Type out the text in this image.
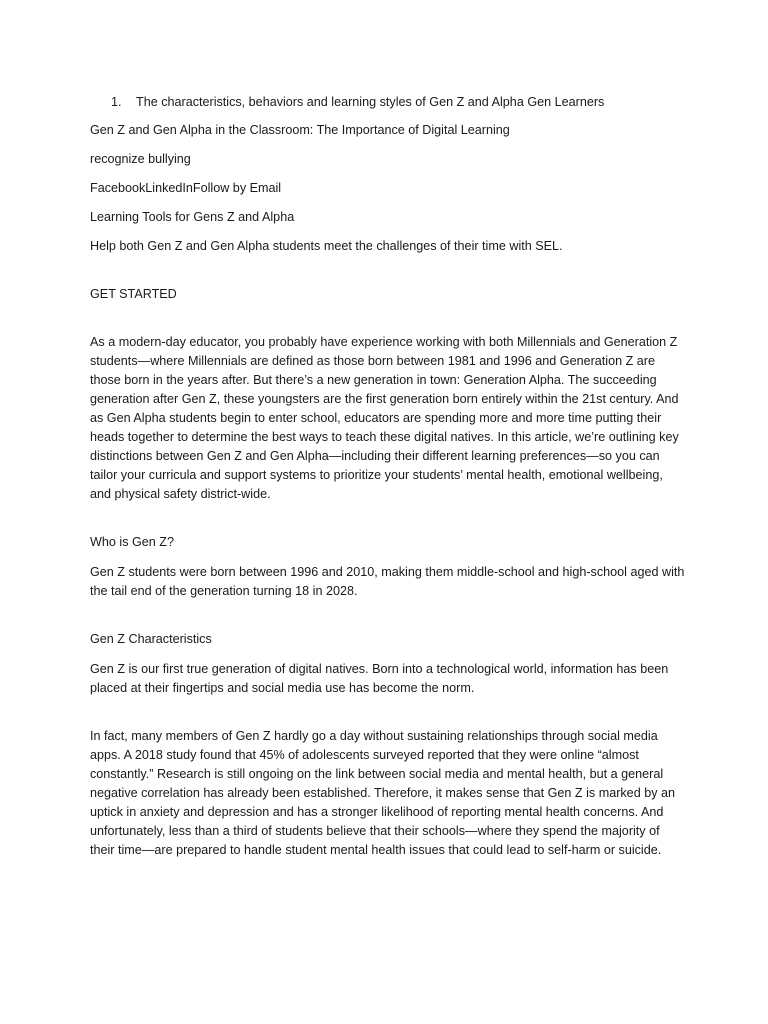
1. The characteristics, behaviors and learning styles of Gen Z and Alpha Gen Learners

Gen Z and Gen Alpha in the Classroom: The Importance of Digital Learning

recognize bullying

FacebookLinkedInFollow by Email

Learning Tools for Gens Z and Alpha

Help both Gen Z and Gen Alpha students meet the challenges of their time with SEL.

GET STARTED

As a modern-day educator, you probably have experience working with both Millennials and Generation Z students—where Millennials are defined as those born between 1981 and 1996 and Generation Z are those born in the years after. But there’s a new generation in town: Generation Alpha. The succeeding generation after Gen Z, these youngsters are the first generation born entirely within the 21st century. And as Gen Alpha students begin to enter school, educators are spending more and more time putting their heads together to determine the best ways to teach these digital natives. In this article, we’re outlining key distinctions between Gen Z and Gen Alpha—including their different learning preferences—so you can tailor your curricula and support systems to prioritize your students’ mental health, emotional wellbeing, and physical safety district-wide.

Who is Gen Z?

Gen Z students were born between 1996 and 2010, making them middle-school and high-school aged with the tail end of the generation turning 18 in 2028.

Gen Z Characteristics

Gen Z is our first true generation of digital natives. Born into a technological world, information has been placed at their fingertips and social media use has become the norm.

In fact, many members of Gen Z hardly go a day without sustaining relationships through social media apps. A 2018 study found that 45% of adolescents surveyed reported that they were online “almost constantly.” Research is still ongoing on the link between social media and mental health, but a general negative correlation has already been established. Therefore, it makes sense that Gen Z is marked by an uptick in anxiety and depression and has a stronger likelihood of reporting mental health concerns. And unfortunately, less than a third of students believe that their schools—where they spend the majority of their time—are prepared to handle student mental health issues that could lead to self-harm or suicide.
